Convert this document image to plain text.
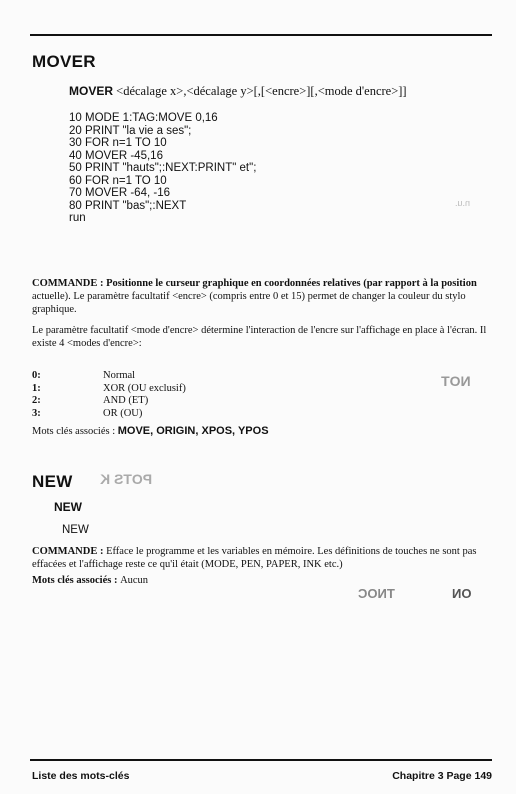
MOVER
MOVER <décalage x>,<décalage y>[,[<encre>][,<mode d'encre>]]
10 MODE 1:TAG:MOVE 0,16
20 PRINT "la vie a ses";
30 FOR n=1 TO 10
40 MOVER -45,16
50 PRINT "hauts";:NEXT:PRINT" et";
60 FOR n=1 TO 10
70 MOVER -64, -16
80 PRINT "bas";:NEXT
run
COMMANDE : Positionne le curseur graphique en coordonnées relatives (par rapport à la position actuelle). Le paramètre facultatif <encre> (compris entre 0 et 15) permet de changer la couleur du stylo graphique.
Le paramètre facultatif <mode d'encre> détermine l'interaction de l'encre sur l'affichage en place à l'écran. Il existe 4 <modes d'encre>:
0:	Normal
1:	XOR (OU exclusif)
2:	AND (ET)
3:	OR (OU)
Mots clés associés : MOVE, ORIGIN, XPOS, YPOS
n.u.
NOT
POTS K
TNOC	ON
NEW
NEW
NEW
COMMANDE : Efface le programme et les variables en mémoire. Les définitions de touches ne sont pas effacées et l'affichage reste ce qu'il était (MODE, PEN, PAPER, INK etc.)
Mots clés associés : Aucun
Liste des mots-clés	Chapitre 3 Page 149
